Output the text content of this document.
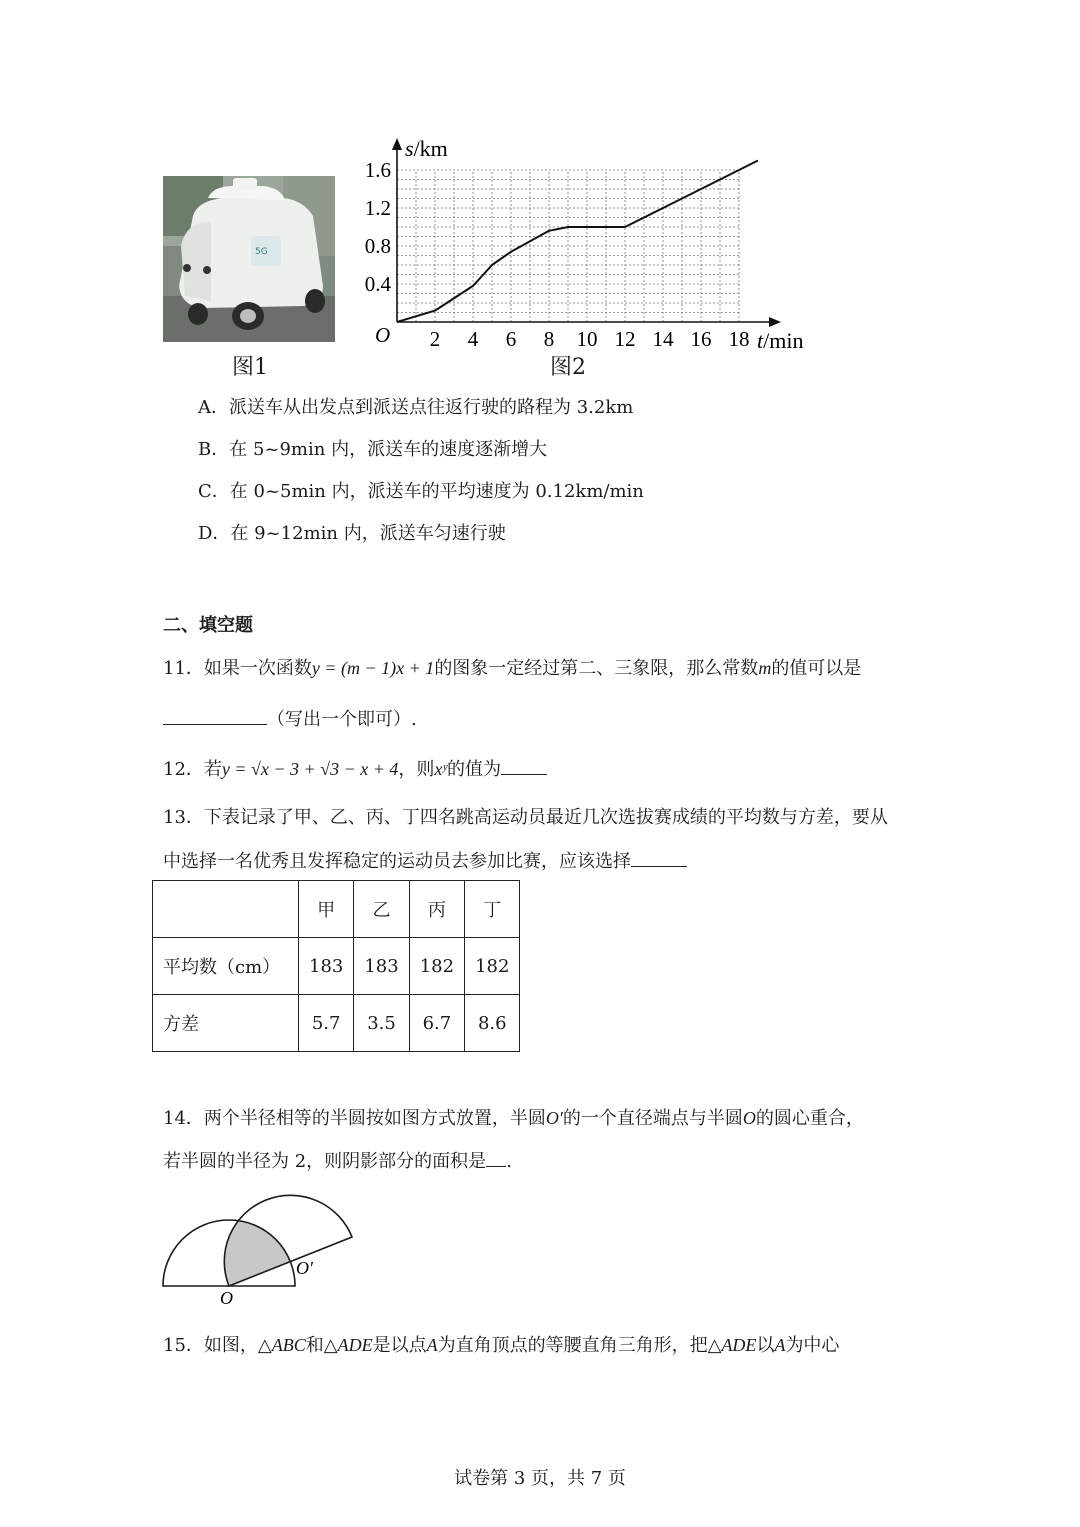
5G
图1
2 4 6 8 10 12 14 16 18
0.4
0.8
1.2
1.6
O
s/km
t/min
图2
A．派送车从出发点到派送点往返行驶的路程为 3.2km
B．在 5~9min 内，派送车的速度逐渐增大
C．在 0~5min 内，派送车的平均速度为 0.12km/min
D．在 9~12min 内，派送车匀速行驶
二、填空题
11．如果一次函数y = (m − 1)x + 1的图象一定经过第二、三象限，那么常数m的值可以是
（写出一个即可）.
12．若y = √x − 3 + √3 − x + 4，则xʸ的值为
13．下表记录了甲、乙、丙、丁四名跳高运动员最近几次选拔赛成绩的平均数与方差，要从
中选择一名优秀且发挥稳定的运动员去参加比赛，应该选择
	甲	乙	丙	丁
平均数（cm）	183	183	182	182
方差	5.7	3.5	6.7	8.6
14．两个半径相等的半圆按如图方式放置，半圆O′的一个直径端点与半圆O的圆心重合，
若半圆的半径为 2，则阴影部分的面积是 .
O
O′
15．如图，△ABC和△ADE是以点A为直角顶点的等腰直角三角形，把△ADE以A为中心
试卷第 3 页，共 7 页
